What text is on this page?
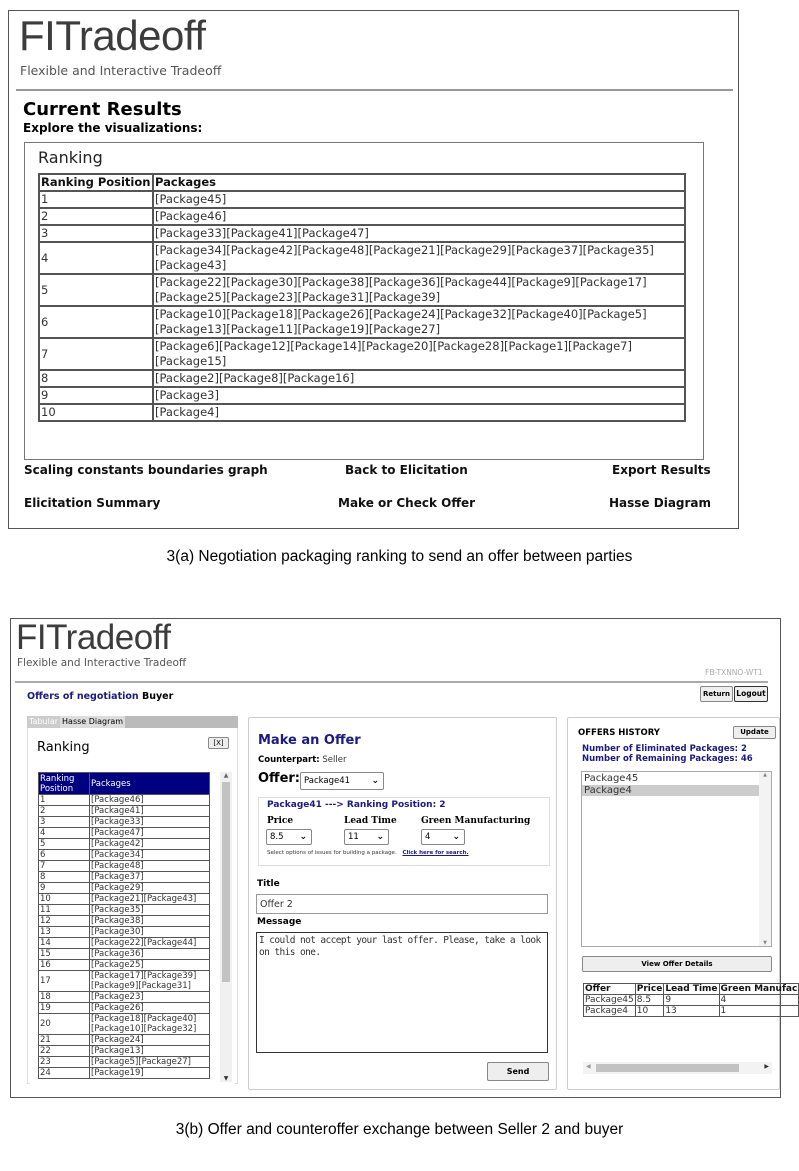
FITradeoff
Flexible and Interactive Tradeoff
Current Results
Explore the visualizations:
Ranking
Ranking Position	Packages
1	[Package45]
2	[Package46]
3	[Package33][Package41][Package47]
4	[Package34][Package42][Package48][Package21][Package29][Package37][Package35][Package43]
5	[Package22][Package30][Package38][Package36][Package44][Package9][Package17][Package25][Package23][Package31][Package39]
6	[Package10][Package18][Package26][Package24][Package32][Package40][Package5][Package13][Package11][Package19][Package27]
7	[Package6][Package12][Package14][Package20][Package28][Package1][Package7][Package15]
8	[Package2][Package8][Package16]
9	[Package3]
10	[Package4]
Scaling constants boundaries graph	Back to Elicitation	Export Results
Elicitation Summary	Make or Check Offer	Hasse Diagram
3(a) Negotiation packaging ranking to send an offer between parties
FITradeoff
Flexible and Interactive Tradeoff
FB-TXNNO-WT1
Offers of negotiation Buyer	Return Logout
Tabular Hasse Diagram
Ranking	[X]
Ranking Position	Packages
1	[Package46]
2	[Package41]
3	[Package33]
4	[Package47]
5	[Package42]
6	[Package34]
7	[Package48]
8	[Package37]
9	[Package29]
10	[Package21][Package43]
11	[Package35]
12	[Package38]
13	[Package30]
14	[Package22][Package44]
15	[Package36]
16	[Package25]
17	[Package17][Package39] [Package9][Package31]
18	[Package23]
19	[Package26]
20	[Package18][Package40] [Package10][Package32]
21	[Package24]
22	[Package13]
23	[Package5][Package27]
24	[Package19]
▲
▼
Make an Offer
Counterpart: Seller
Offer: Package41 ⌄
Package41 ---> Ranking Position: 2
Price	Lead Time	Green Manufacturing
8.5 ⌄	11 ⌄	4 ⌄
Select options of issues for building a package. Click here for search.
Title
Offer 2
Message
I could not accept your last offer. Please, take a look on this one.
Send
OFFERS HISTORY	Update
Number of Eliminated Packages: 2
Number of Remaining Packages: 46
Package45
Package4
▲
▼
View Offer Details
Offer	Price	Lead Time	Green Manufac
Package45	8.5	9	4
Package4	10	13	1
◀	▶
3(b) Offer and counteroffer exchange between Seller 2 and buyer
